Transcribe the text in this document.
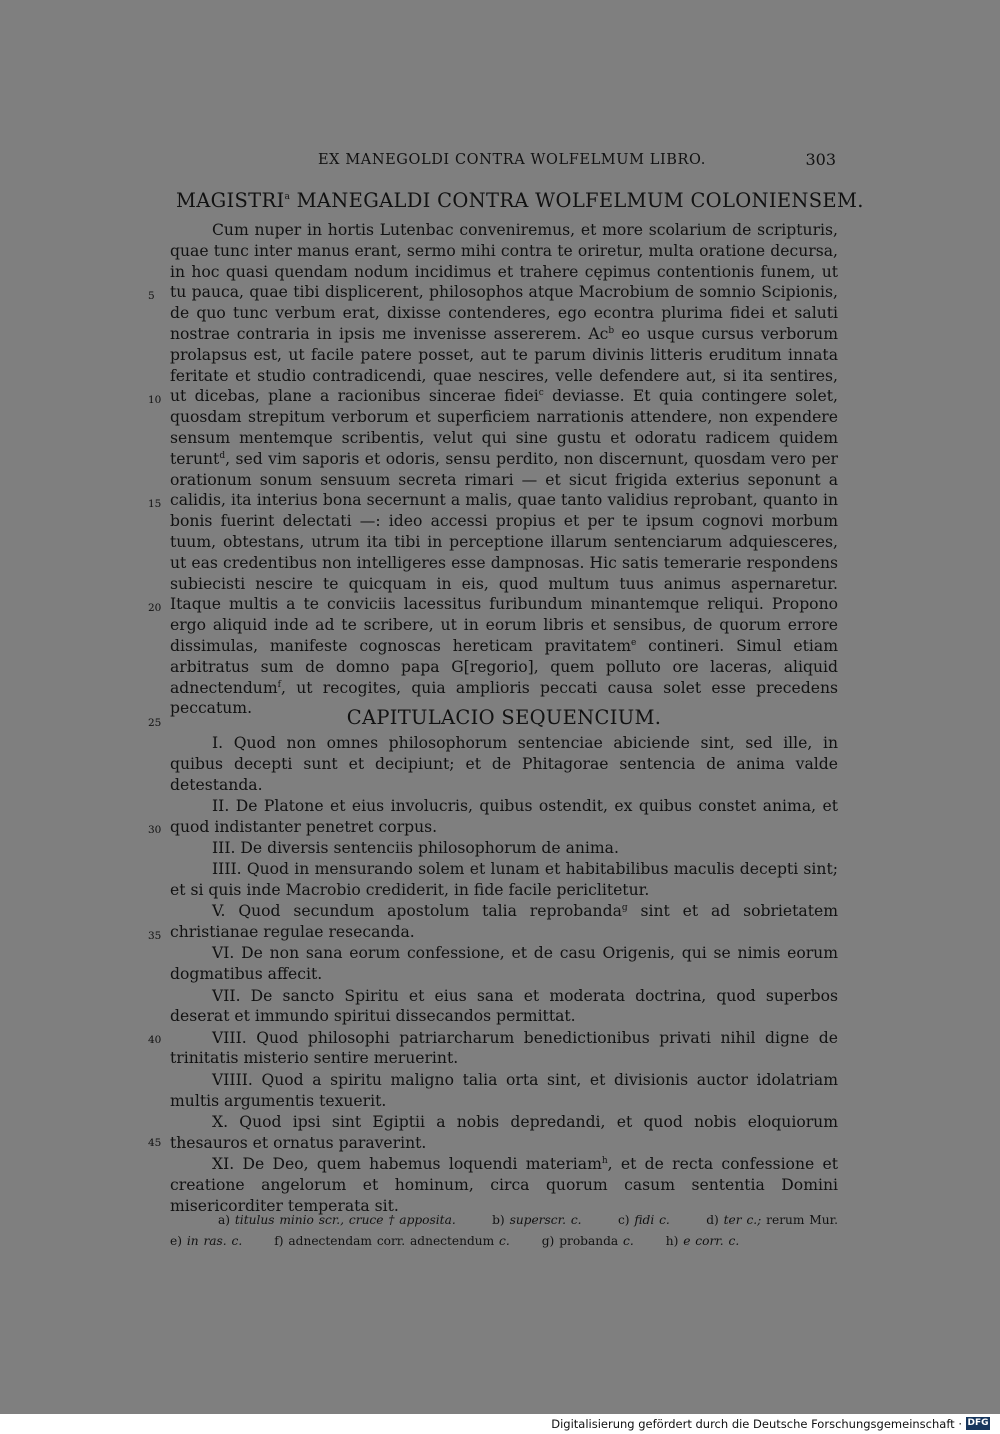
EX MANEGOLDI CONTRA WOLFELMUM LIBRO.	303
MAGISTRI$^a$ MANEGALDI CONTRA WOLFELMUM COLONIENSEM.

Cum nuper in hortis Lutenbac conveniremus, et more scolarium de scripturis, quae tunc inter manus erant, sermo mihi contra te oriretur, multa oratione decursa, in hoc quasi quendam nodum incidimus et trahere cępimus contentionis funem, ut tu pauca, quae tibi displicerent, philosophos atque Macrobium de somnio Scipionis, de quo tunc verbum erat, dixisse contenderes, ego econtra plurima fidei et saluti nostrae contraria in ipsis me invenisse assererem. Ac$^b$ eo usque cursus verborum prolapsus est, ut facile patere posset, aut te parum divinis litteris eruditum innata feritate et studio contradicendi, quae nescires, velle defendere aut, si ita sentires, ut dicebas, plane a racionibus sincerae fidei$^c$ deviasse. Et quia contingere solet, quosdam strepitum verborum et superficiem narrationis attendere, non expendere sensum mentemque scribentis, velut qui sine gustu et odoratu radicem quidem terunt$^d$, sed vim saporis et odoris, sensu perdito, non discernunt, quosdam vero per orationum sonum sensuum secreta rimari — et sicut frigida exterius seponunt a calidis, ita interius bona secernunt a malis, quae tanto validius reprobant, quanto in bonis fuerint delectati —: ideo accessi propius et per te ipsum cognovi morbum tuum, obtestans, utrum ita tibi in perceptione illarum sentenciarum adquiesceres, ut eas credentibus non intelligeres esse dampnosas. Hic satis temerarie respondens subiecisti nescire te quicquam in eis, quod multum tuus animus aspernaretur. Itaque multis a te conviciis lacessitus furibundum minantemque reliqui. Propono ergo aliquid inde ad te scribere, ut in eorum libris et sensibus, de quorum errore dissimulas, manifeste cognoscas hereticam pravitatem$^e$ contineri. Simul etiam arbitratus sum de domno papa G[regorio], quem polluto ore laceras, aliquid adnectendum$^f$, ut recogites, quia amplioris peccati causa solet esse precedens peccatum.	CAPITULACIO SEQUENCIUM.

I. Quod non omnes philosophorum sentenciae abiciende sint, sed ille, in quibus decepti sunt et decipiunt; et de Phitagorae sentencia de anima valde detestanda.

II. De Platone et eius involucris, quibus ostendit, ex quibus constet anima, et quod indistanter penetret corpus.

III. De diversis sentenciis philosophorum de anima.

IIII. Quod in mensurando solem et lunam et habitabilibus maculis decepti sint; et si quis inde Macrobio crediderit, in fide facile periclitetur.

V. Quod secundum apostolum talia reprobanda$^g$ sint et ad sobrietatem christianae regulae resecanda.

VI. De non sana eorum confessione, et de casu Origenis, qui se nimis eorum dogmatibus affecit.

VII. De sancto Spiritu et eius sana et moderata doctrina, quod superbos deserat et immundo spiritui dissecandos permittat.

VIII. Quod philosophi patriarcharum benedictionibus privati nihil digne de trinitatis misterio sentire meruerint.

VIIII. Quod a spiritu maligno talia orta sint, et divisionis auctor idolatriam multis argumentis texuerit.

X. Quod ipsi sint Egiptii a nobis depredandi, et quod nobis eloquiorum thesauros et ornatus paraverint.

XI. De Deo, quem habemus loquendi materiam$^h$, et de recta confessione et creatione angelorum et hominum, circa quorum casum sententia Domini misericorditer temperata sit.

5
10
15
20
25
30
35
40
45
a) titulus minio scr., cruce † apposita.	b) superscr. c.	c) fidi c.	d) ter c.; rerum Mur.
e) in ras. c.	f) adnectendam corr. adnectendum c.	g) probanda c.	h) e corr. c.
Digitalisierung gefördert durch die Deutsche Forschungsgemeinschaft · DFG
